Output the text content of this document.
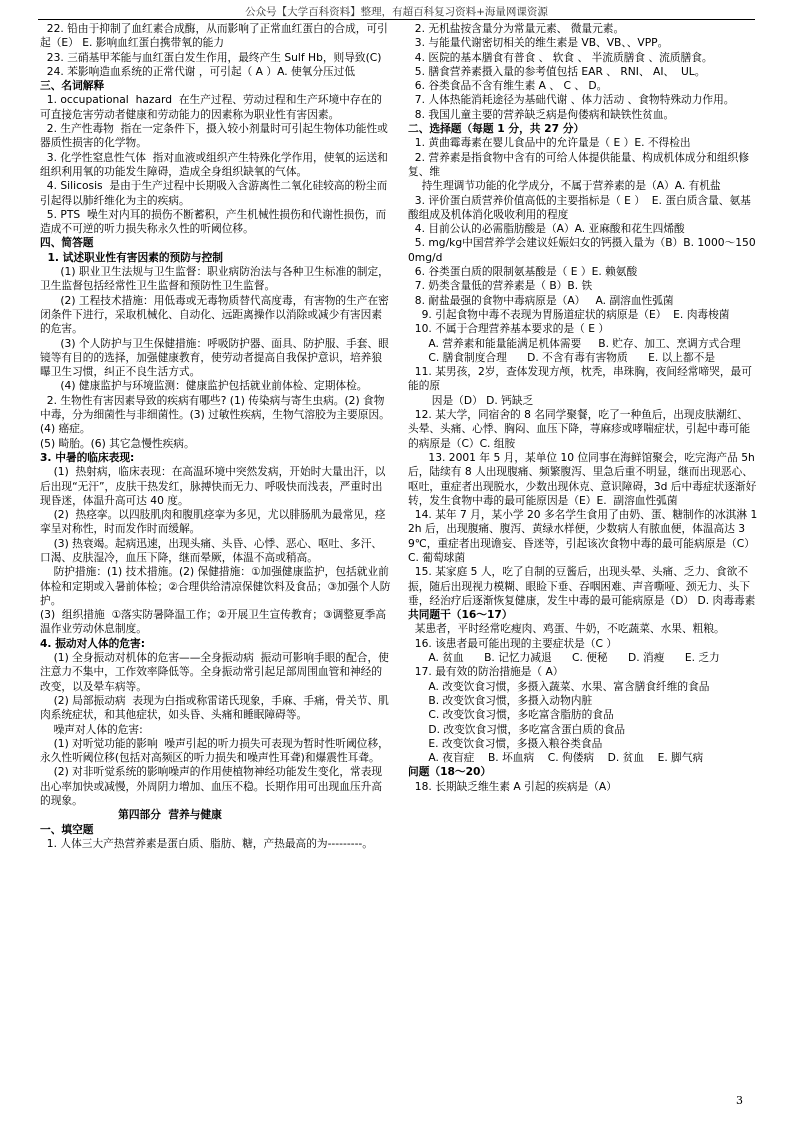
公众号【大学百科资料】整理，有超百科复习资料+海量网课资源

22. 铅由于抑制了血红素合成酶，从而影响了正常血红蛋白的合成，可引起（E） E. 影响血红蛋白携带氧的能力

23. 三硝基甲苯能与血红蛋白发生作用，最终产生 Sulf Hb，则导致(C)

24. 苯影响造血系统的正常代谢 ，可引起（ A ）A. 使氧分压过低

三、名词解释

1. occupational  hazard  在生产过程、劳动过程和生产环境中存在的可直接危害劳动者健康和劳动能力的因素称为职业性有害因素。

2. 生产性毒物  指在一定条件下，摄入较小剂量时可引起生物体功能性或器质性损害的化学物。

3. 化学性窒息性气体  指对血液或组织产生特殊化学作用，使氧的运送和组织利用氧的功能发生障碍，造成全身组织缺氧的气体。

4. Silicosis  是由于生产过程中长期吸入含游离性二氧化硅较高的粉尘而引起得以肺纤维化为主的疾病。

5. PTS  噪生对内耳的损伤不断蓄积，产生机械性损伤和代谢性损伤，而造成不可逆的听力损失称永久性的听阈位移。

四、简答题

1. 试述职业性有害因素的预防与控制

(1) 职业卫生法规与卫生监督：职业病防治法与各种卫生标准的制定，卫生监督包括经常性卫生监督和预防性卫生监督。

(2) 工程技术措施：用低毒或无毒物质替代高度毒，有害物的生产在密闭条件下进行，采取机械化、自动化、远距离操作以消除或减少有害因素的危害。

(3) 个人防护与卫生保健措施：呼吸防护器、面具、防护服、手套、眼镜等有目的的选择，加强健康教育，使劳动者提高自我保护意识，培养狼曝卫生习惯，纠正不良生活方式。

(4) 健康监护与环境监测：健康监护包括就业前体检、定期体检。

2. 生物性有害因素导致的疾病有哪些? (1) 传染病与寄生虫病。(2) 食物中毒，分为细菌性与非细菌性。(3) 过敏性疾病，生物气溶胶为主要原因。(4) 癌症。

(5) 畸胎。(6) 其它急慢性疾病。

3. 中暑的临床表现:

(1)  热射病，临床表现：在高温环境中突然发病，开始时大量出汗，以后出现“无汗”，皮肤干热发红，脉搏快而无力、呼吸快而浅表，严重时出现昏迷，体温升高可达 40 度。

(2)  热痉挛。以四肢肌肉和腹肌痉挛为多见，尤以腓肠肌为最常见，痉挛呈对称性，时而发作时而缓解。

(3) 热衰竭。起病迅速，出现头痛、头昏、心悸、恶心、呕吐、多汗、口渴、皮肤湿冷，血压下降，继而晕厥，体温不高或稍高。

防护措施：(1) 技术措施。(2) 保健措施：①加强健康监护，包括就业前体检和定期或入暑前体检；②合理供给清凉保健饮料及食品；③加强个人防护。

(3)  组织措施  ①落实防暑降温工作；②开展卫生宣传教育；③调整夏季高温作业劳动休息制度。

4. 振动对人体的危害:

(1) 全身振动对机体的危害——全身振动病  振动可影响手眼的配合，使注意力不集中，工作效率降低等。全身振动常引起足部周围血管和神经的改变，以及晕车病等。

(2) 局部振动病  表现为白指或称雷诺氏现象，手麻、手痛，骨关节、肌肉系统症状，和其他症状，如头昏、头痛和睡眠障碍等。

噪声对人体的危害:

(1) 对听觉功能的影响  噪声引起的听力损失可表现为暂时性听阈位移，永久性听阈位移(包括对高频区的听力损失和噪声性耳聋)和爆震性耳聋。

(2) 对非听觉系统的影响噪声的作用使植物神经功能发生变化，常表现出心率加快或减慢，外周阴力增加、血压不稳。长期作用可出现血压升高的现象。

第四部分  营养与健康

一、填空题

1. 人体三大产热营养素是蛋白质、脂肪、糖，产热最高的为---------。

2. 无机盐按含量分为常量元素、 微量元素。

3. 与能量代谢密切相关的维生素是 VB、VB、、VPP。

4. 医院的基本膳食有普食 、 软食 、 半流质膳食 、流质膳食。

5. 膳食营养素摄入量的参考值包括 EAR 、 RNI、 AI、  UL。

6. 谷类食品不含有维生素 A 、 C 、 D。

7. 人体热能消耗途径为基础代谢 、体力活动 、食物特殊动力作用。

8. 我国儿童主要的营养缺乏病是佝偻病和缺铁性贫血。

二、选择题（每题 1 分，共 27 分）

1. 黄曲霉毒素在婴儿食品中的允许量是（ E ）E. 不得检出

2. 营养素是指食物中含有的可给人体提供能量、构成机体成分和组织修复、维

持生理调节功能的化学成分，不属于营养素的是（A）A. 有机盐

3. 评价蛋白质营养价值高低的主要指标是（ E ）  E. 蛋白质含量、氨基酸组成及机体消化吸收利用的程度

4. 目前公认的必需脂肪酸是（A）A. 亚麻酸和花生四烯酸

5. mg/kg中国营养学会建议妊娠妇女的钙摄入量为（B）B. 1000～1500mg/d

6. 谷类蛋白质的限制氨基酸是（ E ）E. 赖氨酸

7. 奶类含量低的营养素是（ B）B. 铁

8. 耐盐最强的食物中毒病原是（A）   A. 副溶血性弧菌

9. 引起食物中毒不表现为胃肠道症状的病原是（E）  E. 肉毒梭菌

10. 不属于合理营养基本要求的是（ E ）

A. 营养素和能量能满足机体需要     B. 贮存、加工、烹调方式合理

C. 膳食制度合理      D. 不含有毒有害物质      E. 以上都不是

11. 某男孩，2岁，查体发现方颅，枕秃，串珠胸，夜间经常啼哭，最可能的原

因是（D） D. 钙缺乏

12. 某大学，同宿舍的 8 名同学聚餐，吃了一种鱼后，出现皮肤潮红、头晕、头痛、心悸、胸闷、血压下降，荨麻疹或哮喘症状，引起中毒可能的病原是（C）C. 组胺

13. 2001 年 5 月，某单位 10 位同事在海鲜馆聚会，吃完海产品 5h 后，陆续有 8 人出现腹痛、频繁腹泻、里急后重不明显，继而出现恶心、呕吐，重症者出现脱水，少数出现休克、意识障碍，3d 后中毒症状逐渐好转，发生食物中毒的最可能原因是（E）E.  副溶血性弧菌

14. 某年 7 月，某小学 20 多名学生食用了由奶、蛋、糖制作的冰淇淋 12h 后，出现腹痛、腹泻、黄绿水样便，少数病人有脓血便，体温高达 39℃，重症者出现谵妄、昏迷等，引起该次食物中毒的最可能病原是（C）  C. 葡萄球菌

15. 某家庭 5 人，吃了自制的豆酱后，出现头晕、头痛、乏力、食欲不振，随后出现视力模糊、眼睑下垂、吞咽困难、声音嘶哑、颈无力、头下垂，经治疗后逐渐恢复健康，发生中毒的最可能病原是（D） D. 肉毒毒素

共同题干（16～17）

某患者，平时经常吃瘦肉、鸡蛋、牛奶，不吃蔬菜、水果、粗粮。

16. 该患者最可能出现的主要症状是（C ）

A. 贫血      B. 记忆力减退      C. 便秘      D. 消瘦      E. 乏力

17. 最有效的防治措施是（ A）

A. 改变饮食习惯，多摄入蔬菜、水果、富含膳食纤维的食品

B. 改变饮食习惯，多摄入动物内脏

C. 改变饮食习惯，多吃富含脂肪的食品

D. 改变饮食习惯，多吃富含蛋白质的食品

E. 改变饮食习惯，多摄入粮谷类食品

A. 夜盲症    B. 坏血病    C. 佝偻病    D. 贫血    E. 脚气病

问题（18～20）

18. 长期缺乏维生素 A 引起的疾病是（A）

3
